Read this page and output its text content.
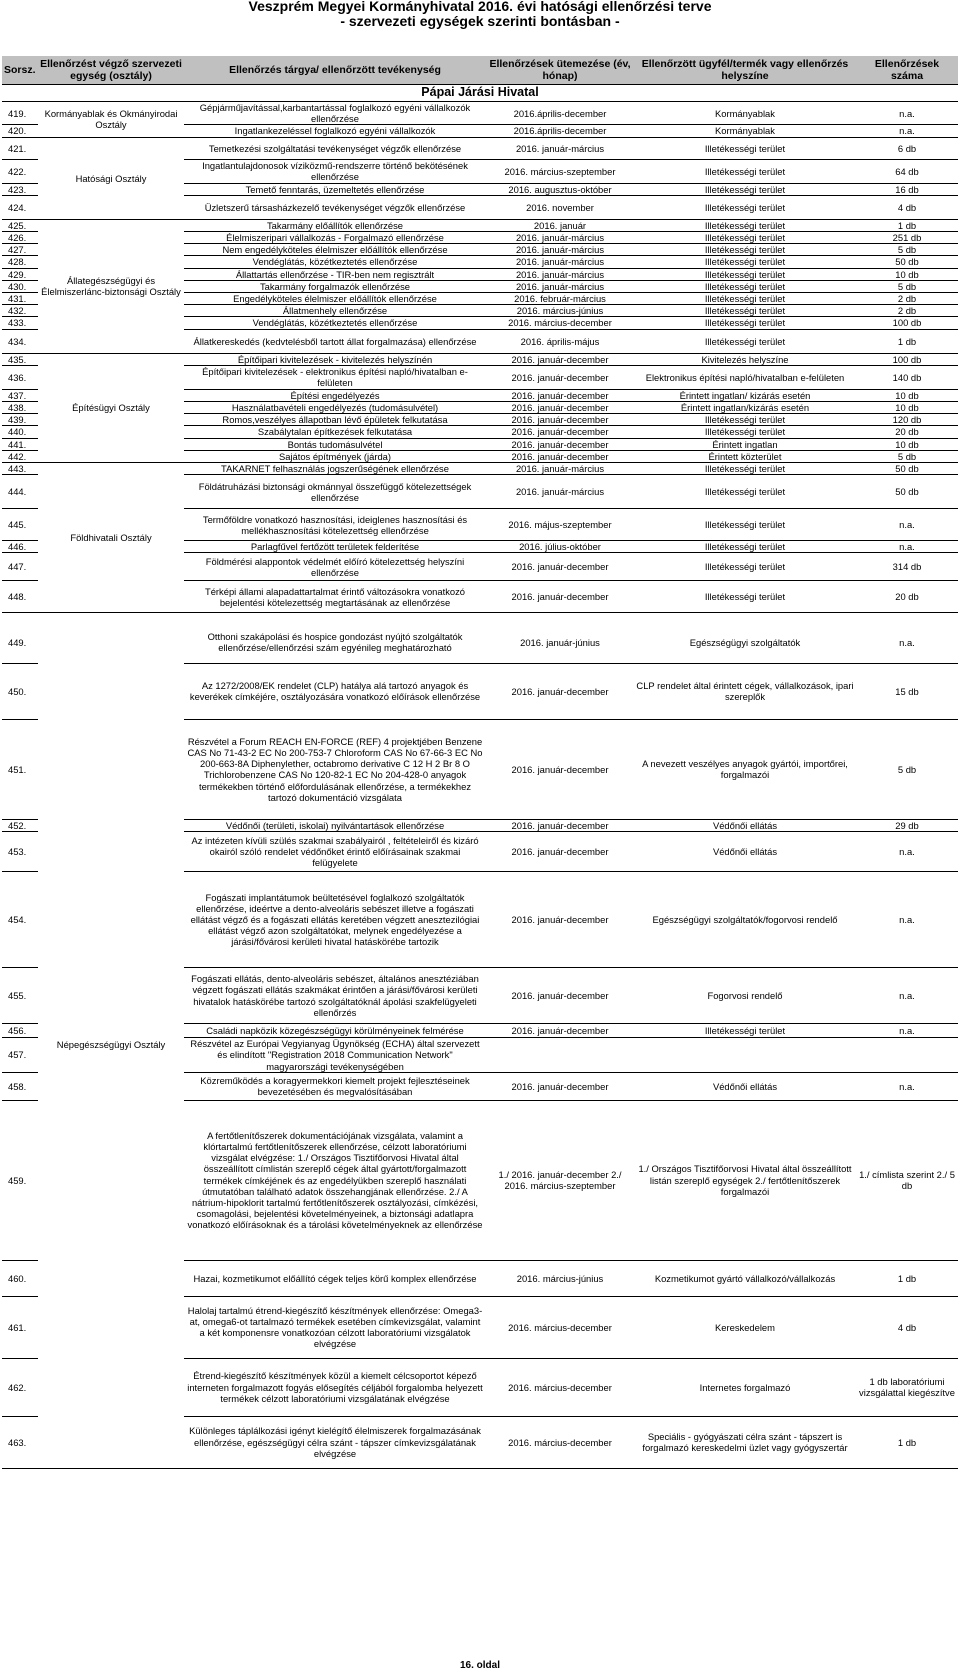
Veszprém Megyei Kormányhivatal 2016. évi hatósági ellenőrzési terve
- szervezeti egységek szerinti bontásban -
Sorsz.	Ellenőrzést végző szervezeti egység (osztály)	Ellenőrzés tárgya/ ellenőrzött tevékenység	Ellenőrzések ütemezése (év, hónap)	Ellenőrzött ügyfél/termék vagy ellenőrzés helyszíne	Ellenőrzések száma
Pápai Járási Hivatal					
419.	Kormányablak és Okmányirodai Osztály	Gépjárműjavítással,karbantartással foglalkozó egyéni vállalkozók ellenőrzése	2016.április-december	Kormányablak	n.a.
420.		Ingatlankezeléssel foglalkozó egyéni vállalkozók	2016.április-december	Kormányablak	n.a.
421.	Hatósági Osztály	Temetkezési szolgáltatási tevékenységet végzők ellenőrzése	2016. január-március	Illetékességi terület	6 db
422.		Ingatlantulajdonosok víziközmű-rendszerre történő bekötésének ellenőrzése	2016. március-szeptember	Illetékességi terület	64 db
423.		Temető fenntarás, üzemeltetés ellenőrzése	2016. augusztus-október	Illetékességi terület	16 db
424.		Üzletszerű társasházkezelő tevékenységet végzők ellenőrzése	2016. november	Illetékességi terület	4 db
425.	Állategészségügyi és Élelmiszerlánc-biztonsági Osztály	Takarmány előállítók ellenőrzése	2016. január	Illetékességi terület	1 db
426.		Élelmiszeripari vállalkozás - Forgalmazó ellenőrzése	2016. január-március	Illetékességi terület	251 db
427.		Nem engedélyköteles élelmiszer előállítók ellenőrzése	2016. január-március	Illetékességi terület	5 db
428.		Vendéglátás, közétkeztetés ellenőrzése	2016. január-március	Illetékességi terület	50 db
429.		Állattartás ellenőrzése - TIR-ben nem regisztrált	2016. január-március	Illetékességi terület	10 db
430.		Takarmány forgalmazók ellenőrzése	2016. január-március	Illetékességi terület	5 db
431.		Engedélyköteles élelmiszer előállítók ellenőrzése	2016. február-március	Illetékességi terület	2 db
432.		Állatmenhely ellenőrzése	2016. március-június	Illetékességi terület	2 db
433.		Vendéglátás, közétkeztetés ellenőrzése	2016. március-december	Illetékességi terület	100 db
434.		Állatkereskedés (kedvtelésből tartott állat forgalmazása) ellenőrzése	2016. április-május	Illetékességi terület	1 db
435.	Építésügyi Osztály	Építőipari kivitelezések - kivitelezés helyszínén	2016. január-december	Kivitelezés helyszíne	100 db
436.		Építőipari kivitelezések - elektronikus építési napló/hivatalban e-felületen	2016. január-december	Elektronikus építési napló/hivatalban e-felületen	140 db
437.		Építési engedélyezés	2016. január-december	Érintett ingatlan/ kizárás esetén	10 db
438.		Használatbavételi engedélyezés (tudomásulvétel)	2016. január-december	Érintett ingatlan/kizárás esetén	10 db
439.		Romos,veszélyes állapotban lévő épületek felkutatása	2016. január-december	Illetékességi terület	120 db
440.		Szabálytalan építkezések felkutatása	2016. január-december	Illetékességi terület	20 db
441.		Bontás tudomásulvétel	2016. január-december	Érintett ingatlan	10 db
442.		Sajátos építmények (járda)	2016. január-december	Érintett közterület	5 db
443.	Földhivatali Osztály	TAKARNET felhasználás jogszerűségének ellenőrzése	2016. január-március	Illetékességi terület	50 db
444.		Földátruházási biztonsági okmánnyal összefüggő kötelezettségek ellenőrzése	2016. január-március	Illetékességi terület	50 db
445.		Termőföldre vonatkozó hasznosítási, ideiglenes hasznosítási és mellékhasznosítási kötelezettség ellenőrzése	2016. május-szeptember	Illetékességi terület	n.a.
446.		Parlagfűvel fertőzött területek felderítése	2016. július-október	Illetékességi terület	n.a.
447.		Földmérési alappontok védelmét előíró kötelezettség helyszíni ellenőrzése	2016. január-december	Illetékességi terület	314 db
448.		Térképi állami alapadattartalmat érintő változásokra vonatkozó bejelentési kötelezettség megtartásának az ellenőrzése	2016. január-december	Illetékességi terület	20 db

449.	Népegészségügyi Osztály	Otthoni szakápolási és hospice gondozást nyújtó szolgáltatók ellenőrzése/ellenőrzési szám egyénileg meghatározható	2016. január-június	Egészségügyi szolgáltatók	n.a.
450.		Az 1272/2008/EK rendelet (CLP) hatálya alá tartozó anyagok és keverékek címkéjére, osztályozására vonatkozó előírások ellenőrzése	2016. január-december	CLP rendelet által érintett cégek, vállalkozások, ipari szereplők	15 db
451.		Részvétel a Forum REACH EN-FORCE (REF) 4 projektjében Benzene CAS No 71-43-2 EC No 200-753-7 Chloroform CAS No 67-66-3 EC No 200-663-8A Diphenylether, octabromo derivative C 12 H 2 Br 8 O Trichlorobenzene CAS No 120-82-1 EC No 204-428-0 anyagok termékekben történő előfordulásának ellenőrzése, a termékekhez tartozó dokumentáció vizsgálata	2016. január-december	A nevezett veszélyes anyagok gyártói, importőrei, forgalmazói	5 db
452.		Védőnői (területi, iskolai) nyilvántartások ellenőrzése	2016. január-december	Védőnői ellátás	29 db
453.		Az intézeten kívüli szülés szakmai szabályairól , feltételeiről és kizáró okairól szóló rendelet védőnőket érintő előírásainak szakmai felügyelete	2016. január-december	Védőnői ellátás	n.a.
454.		Fogászati implantátumok beültetésével foglalkozó szolgáltatók ellenőrzése, ideértve a dento-alveoláris sebészet illetve a fogászati ellátást végző és a fogászati ellátás keretében végzett anesztezilógiai ellátást végző azon szolgáltatókat, melynek engedélyezése a járási/fővárosi kerületi hivatal hatáskörébe tartozik	2016. január-december	Egészségügyi szolgáltatók/fogorvosi rendelő	n.a.
455.		Fogászati ellátás, dento-alveoláris sebészet, általános anesztéziában végzett fogászati ellátás szakmákat érintően a járási/fővárosi kerületi hivatalok hatáskörébe tartozó szolgáltatóknál ápolási szakfelügyeleti ellenőrzés	2016. január-december	Fogorvosi rendelő	n.a.
456.		Családi napközik közegészségügyi körülményeinek felmérése	2016. január-december	Illetékességi terület	n.a.
457.		Részvétel az Európai Vegyianyag Ügynökség (ECHA) által szervezett és elindított "Registration 2018 Communication Network" magyarországi tevékenységében			
458.		Közreműködés a koragyermekkori kiemelt projekt fejlesztéseinek bevezetésében és megvalósításában	2016. január-december	Védőnői ellátás	n.a.
459.		A fertőtlenítőszerek dokumentációjának vizsgálata, valamint a klórtartalmú fertőtlenítőszerek ellenőrzése, célzott laboratóriumi vizsgálat elvégzése: 1./ Országos Tisztifőorvosi Hivatal által összeállított címlistán szereplő cégek által gyártott/forgalmazott termékek címkéjének és az engedélyükben szereplő használati útmutatóban található adatok összehangjának ellenőrzése. 2./ A nátrium-hipoklorit tartalmú fertőtlenítőszerek osztályozási, címkézési, csomagolási, bejelentési követelményeinek, a biztonsági adatlapra vonatkozó előírásoknak és a tárolási követelményeknek az ellenőrzése	1./ 2016. január-december 2./ 2016. március-szeptember	1./ Országos Tisztifőorvosi Hivatal által összeállított listán szereplő egységek 2./ fertőtlenítőszerek forgalmazói	1./ címlista szerint 2./ 5 db
460.		Hazai, kozmetikumot előállító cégek teljes körű komplex ellenőrzése	2016. március-június	Kozmetikumot gyártó vállalkozó/vállalkozás	1 db
461.		Halolaj tartalmú étrend-kiegészítő készítmények ellenőrzése: Omega3-at, omega6-ot tartalmazó termékek esetében címkevizsgálat, valamint a két komponensre vonatkozóan célzott laboratóriumi vizsgálatok elvégzése	2016. március-december	Kereskedelem	4 db
462.		Étrend-kiegészítő készítmények közül a kiemelt célcsoportot képező interneten forgalmazott fogyás elősegítés céljából forgalomba helyezett termékek célzott laboratóriumi vizsgálatának elvégzése	2016. március-december	Internetes forgalmazó	1 db laboratóriumi vizsgálattal kiegészítve
463.		Különleges táplálkozási igényt kielégítő élelmiszerek forgalmazásának ellenőrzése, egészségügyi célra szánt - tápszer címkevizsgálatának elvégzése	2016. március-december	Speciális - gyógyászati célra szánt - tápszert is forgalmazó kereskedelmi üzlet vagy gyógyszertár	1 db
16. oldal
